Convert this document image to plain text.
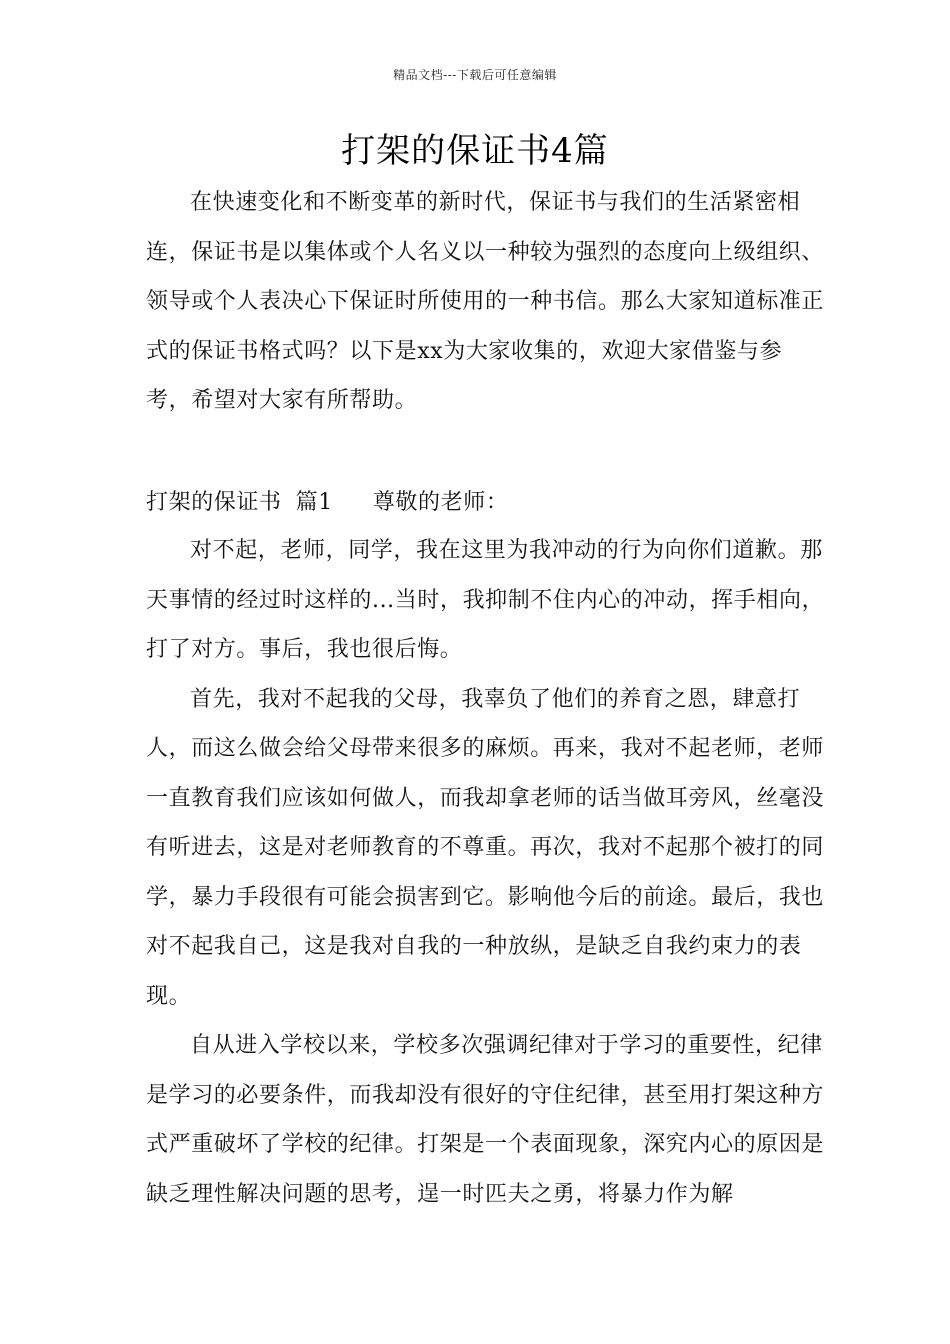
精品文档---下载后可任意编辑
打架的保证书4篇

在快速变化和不断变革的新时代，保证书与我们的生活紧密相连，保证书是以集体或个人名义以一种较为强烈的态度向上级组织、领导或个人表决心下保证时所使用的一种书信。那么大家知道标准正式的保证书格式吗？以下是xx为大家收集的，欢迎大家借鉴与参考，希望对大家有所帮助。

打架的保证书 篇1 尊敬的老师：

对不起，老师，同学，我在这里为我冲动的行为向你们道歉。那天事情的经过时这样的...当时，我抑制不住内心的冲动，挥手相向，打了对方。事后，我也很后悔。

首先，我对不起我的父母，我辜负了他们的养育之恩，肆意打人，而这么做会给父母带来很多的麻烦。再来，我对不起老师，老师一直教育我们应该如何做人，而我却拿老师的话当做耳旁风，丝毫没有听进去，这是对老师教育的不尊重。再次，我对不起那个被打的同学，暴力手段很有可能会损害到它。影响他今后的前途。最后，我也对不起我自己，这是我对自我的一种放纵，是缺乏自我约束力的表现。

自从进入学校以来，学校多次强调纪律对于学习的重要性，纪律是学习的必要条件，而我却没有很好的守住纪律，甚至用打架这种方式严重破坏了学校的纪律。打架是一个表面现象，深究内心的原因是缺乏理性解决问题的思考，逞一时匹夫之勇，将暴力作为解
